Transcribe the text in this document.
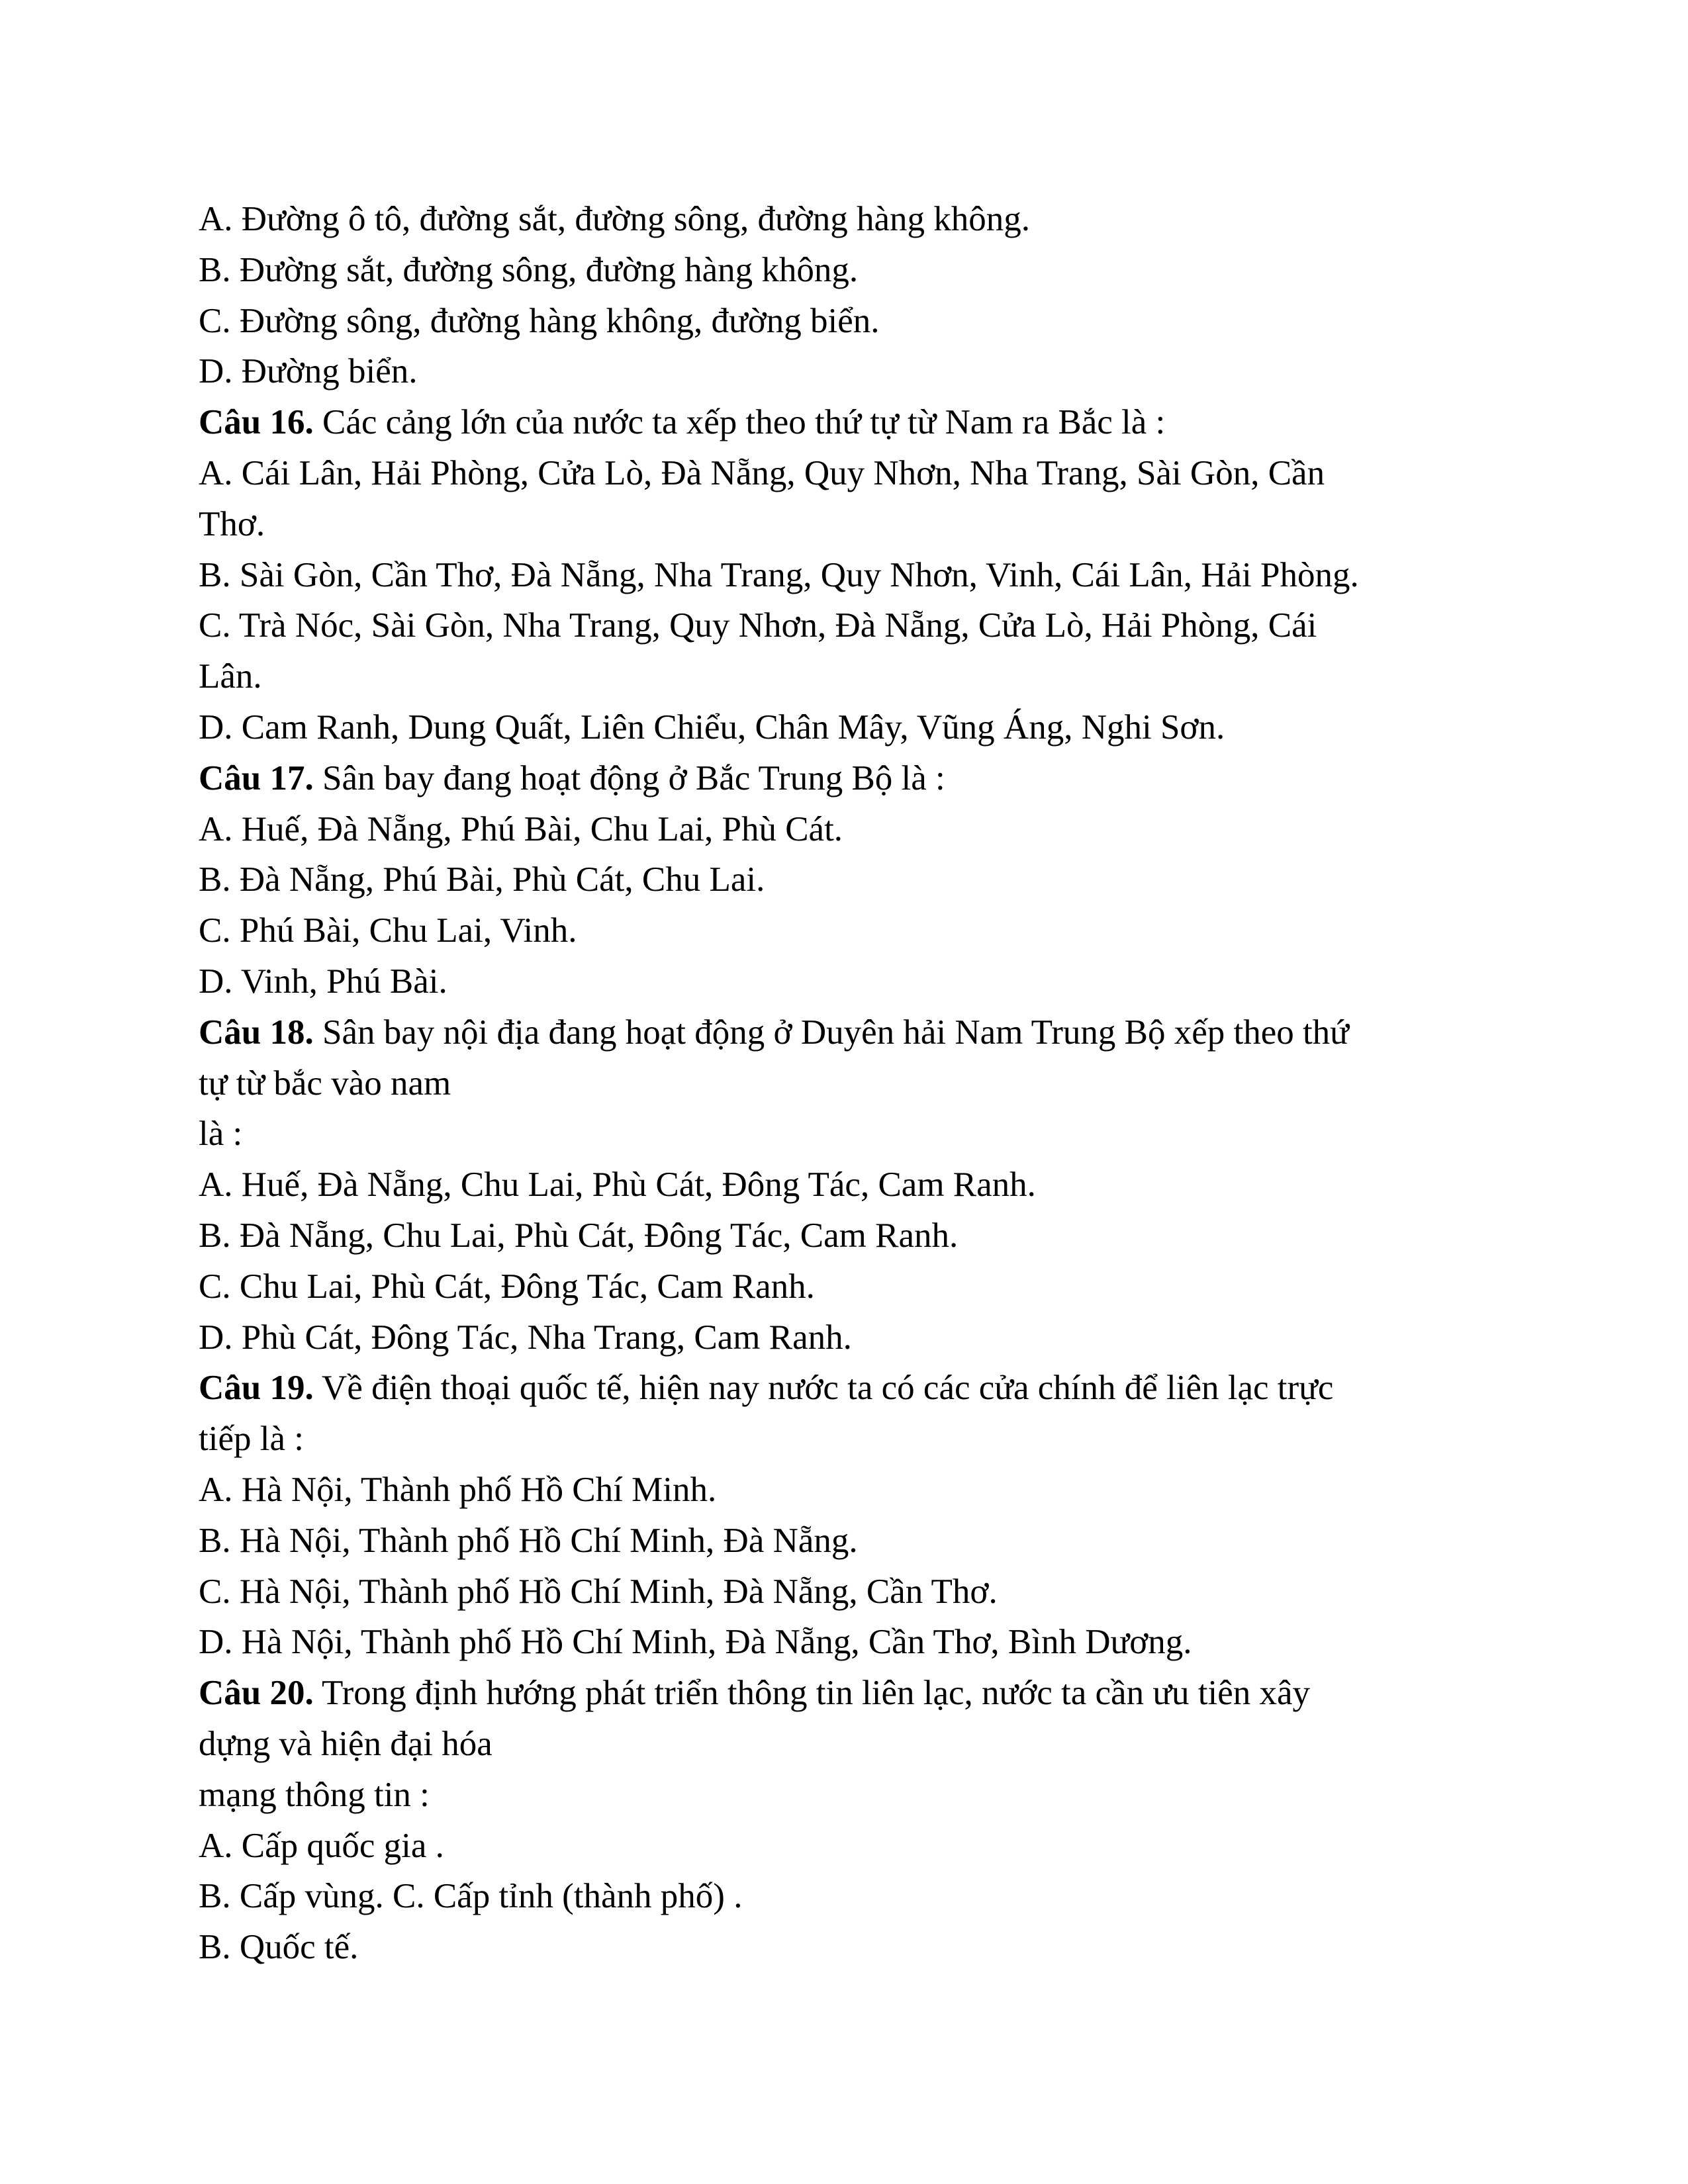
A. Đường ô tô, đường sắt, đường sông, đường hàng không.
B. Đường sắt, đường sông, đường hàng không.
C. Đường sông, đường hàng không, đường biển.
D. Đường biển.
Câu 16. Các cảng lớn của nước ta xếp theo thứ tự từ Nam ra Bắc là :
A. Cái Lân, Hải Phòng, Cửa Lò, Đà Nẵng, Quy Nhơn, Nha Trang, Sài Gòn, Cần
Thơ.
B. Sài Gòn, Cần Thơ, Đà Nẵng, Nha Trang, Quy Nhơn, Vinh, Cái Lân, Hải Phòng.
C. Trà Nóc, Sài Gòn, Nha Trang, Quy Nhơn, Đà Nẵng, Cửa Lò, Hải Phòng, Cái
Lân.
D. Cam Ranh, Dung Quất, Liên Chiểu, Chân Mây, Vũng Áng, Nghi Sơn.
Câu 17. Sân bay đang hoạt động ở Bắc Trung Bộ là :
A. Huế, Đà Nẵng, Phú Bài, Chu Lai, Phù Cát.
B. Đà Nẵng, Phú Bài, Phù Cát, Chu Lai.
C. Phú Bài, Chu Lai, Vinh.
D. Vinh, Phú Bài.
Câu 18. Sân bay nội địa đang hoạt động ở Duyên hải Nam Trung Bộ xếp theo thứ
tự từ bắc vào nam
là :
A. Huế, Đà Nẵng, Chu Lai, Phù Cát, Đông Tác, Cam Ranh.
B. Đà Nẵng, Chu Lai, Phù Cát, Đông Tác, Cam Ranh.
C. Chu Lai, Phù Cát, Đông Tác, Cam Ranh.
D. Phù Cát, Đông Tác, Nha Trang, Cam Ranh.
Câu 19. Về điện thoại quốc tế, hiện nay nước ta có các cửa chính để liên lạc trực
tiếp là :
A. Hà Nội, Thành phố Hồ Chí Minh.
B. Hà Nội, Thành phố Hồ Chí Minh, Đà Nẵng.
C. Hà Nội, Thành phố Hồ Chí Minh, Đà Nẵng, Cần Thơ.
D. Hà Nội, Thành phố Hồ Chí Minh, Đà Nẵng, Cần Thơ, Bình Dương.
Câu 20. Trong định hướng phát triển thông tin liên lạc, nước ta cần ưu tiên xây
dựng và hiện đại hóa
mạng thông tin :
A. Cấp quốc gia .
B. Cấp vùng. C. Cấp tỉnh (thành phố) .
B. Quốc tế.
